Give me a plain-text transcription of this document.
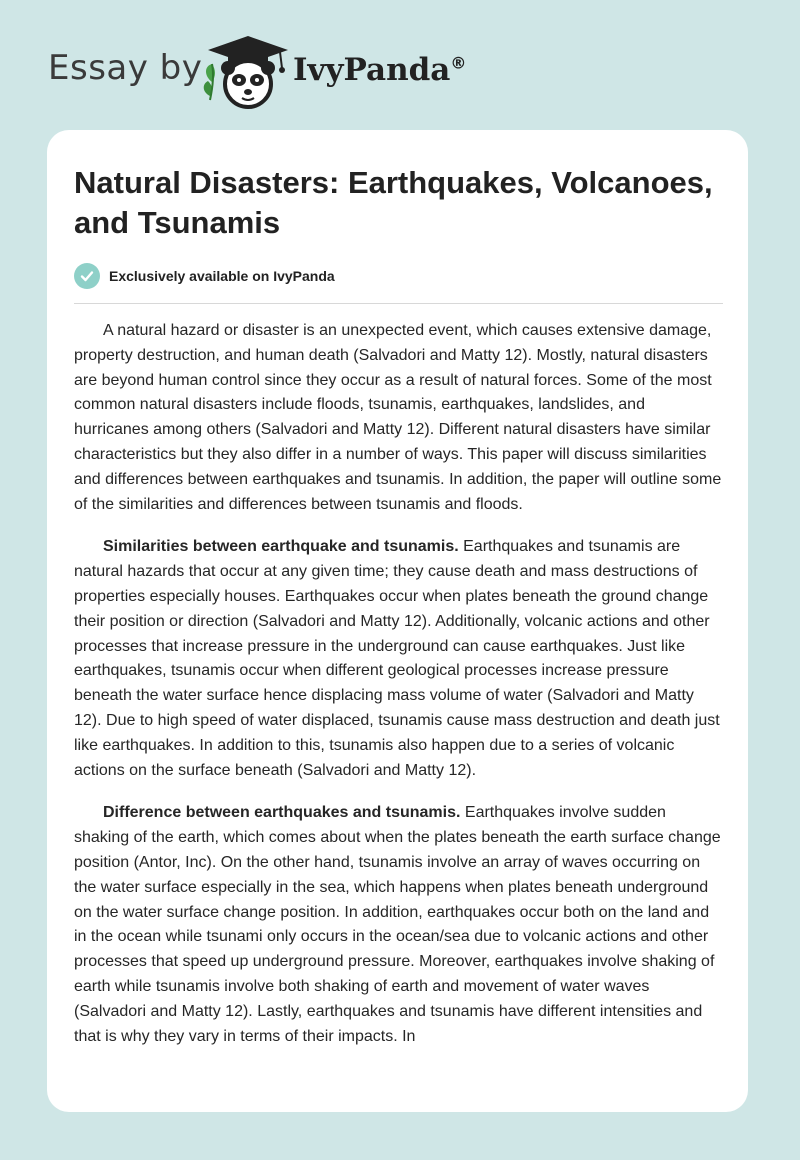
Essay by	IvyPanda®
Natural Disasters: Earthquakes, Volcanoes, and Tsunamis
Exclusively available on IvyPanda

A natural hazard or disaster is an unexpected event, which causes extensive damage, property destruction, and human death (Salvadori and Matty 12). Mostly, natural disasters are beyond human control since they occur as a result of natural forces. Some of the most common natural disasters include floods, tsunamis, earthquakes, landslides, and hurricanes among others (Salvadori and Matty 12). Different natural disasters have similar characteristics but they also differ in a number of ways. This paper will discuss similarities and differences between earthquakes and tsunamis. In addition, the paper will outline some of the similarities and differences between tsunamis and floods.

Similarities between earthquake and tsunamis. Earthquakes and tsunamis are natural hazards that occur at any given time; they cause death and mass destructions of properties especially houses. Earthquakes occur when plates beneath the ground change their position or direction (Salvadori and Matty 12). Additionally, volcanic actions and other processes that increase pressure in the underground can cause earthquakes. Just like earthquakes, tsunamis occur when different geological processes increase pressure beneath the water surface hence displacing mass volume of water (Salvadori and Matty 12). Due to high speed of water displaced, tsunamis cause mass destruction and death just like earthquakes. In addition to this, tsunamis also happen due to a series of volcanic actions on the surface beneath (Salvadori and Matty 12).

Difference between earthquakes and tsunamis. Earthquakes involve sudden shaking of the earth, which comes about when the plates beneath the earth surface change position (Antor, Inc). On the other hand, tsunamis involve an array of waves occurring on the water surface especially in the sea, which happens when plates beneath underground on the water surface change position. In addition, earthquakes occur both on the land and in the ocean while tsunami only occurs in the ocean/sea due to volcanic actions and other processes that speed up underground pressure. Moreover, earthquakes involve shaking of earth while tsunamis involve both shaking of earth and movement of water waves (Salvadori and Matty 12). Lastly, earthquakes and tsunamis have different intensities and that is why they vary in terms of their impacts. In
